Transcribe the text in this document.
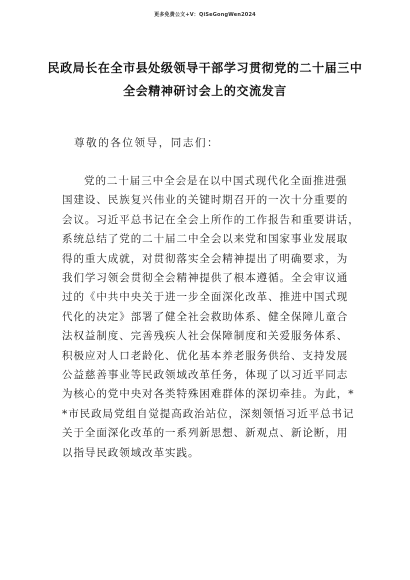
更多免费公文+V：QiSeGongWen2024
民政局长在全市县处级领导干部学习贯彻党的二十届三中
全会精神研讨会上的交流发言
尊敬的各位领导，同志们：
党的二十届三中全会是在以中国式现代化全面推进强
国建设、民族复兴伟业的关键时期召开的一次十分重要的
会议。习近平总书记在全会上所作的工作报告和重要讲话，
系统总结了党的二十届二中全会以来党和国家事业发展取
得的重大成就，对贯彻落实全会精神提出了明确要求，为
我们学习领会贯彻全会精神提供了根本遵循。全会审议通
过的《中共中央关于进一步全面深化改革、推进中国式现
代化的决定》部署了健全社会救助体系、健全保障儿童合
法权益制度、完善残疾人社会保障制度和关爱服务体系、
积极应对人口老龄化、优化基本养老服务供给、支持发展
公益慈善事业等民政领域改革任务，体现了以习近平同志
为核心的党中央对各类特殊困难群体的深切牵挂。为此，*
*市民政局党组自觉提高政治站位，深刻领悟习近平总书记
关于全面深化改革的一系列新思想、新观点、新论断，用
以指导民政领域改革实践。
